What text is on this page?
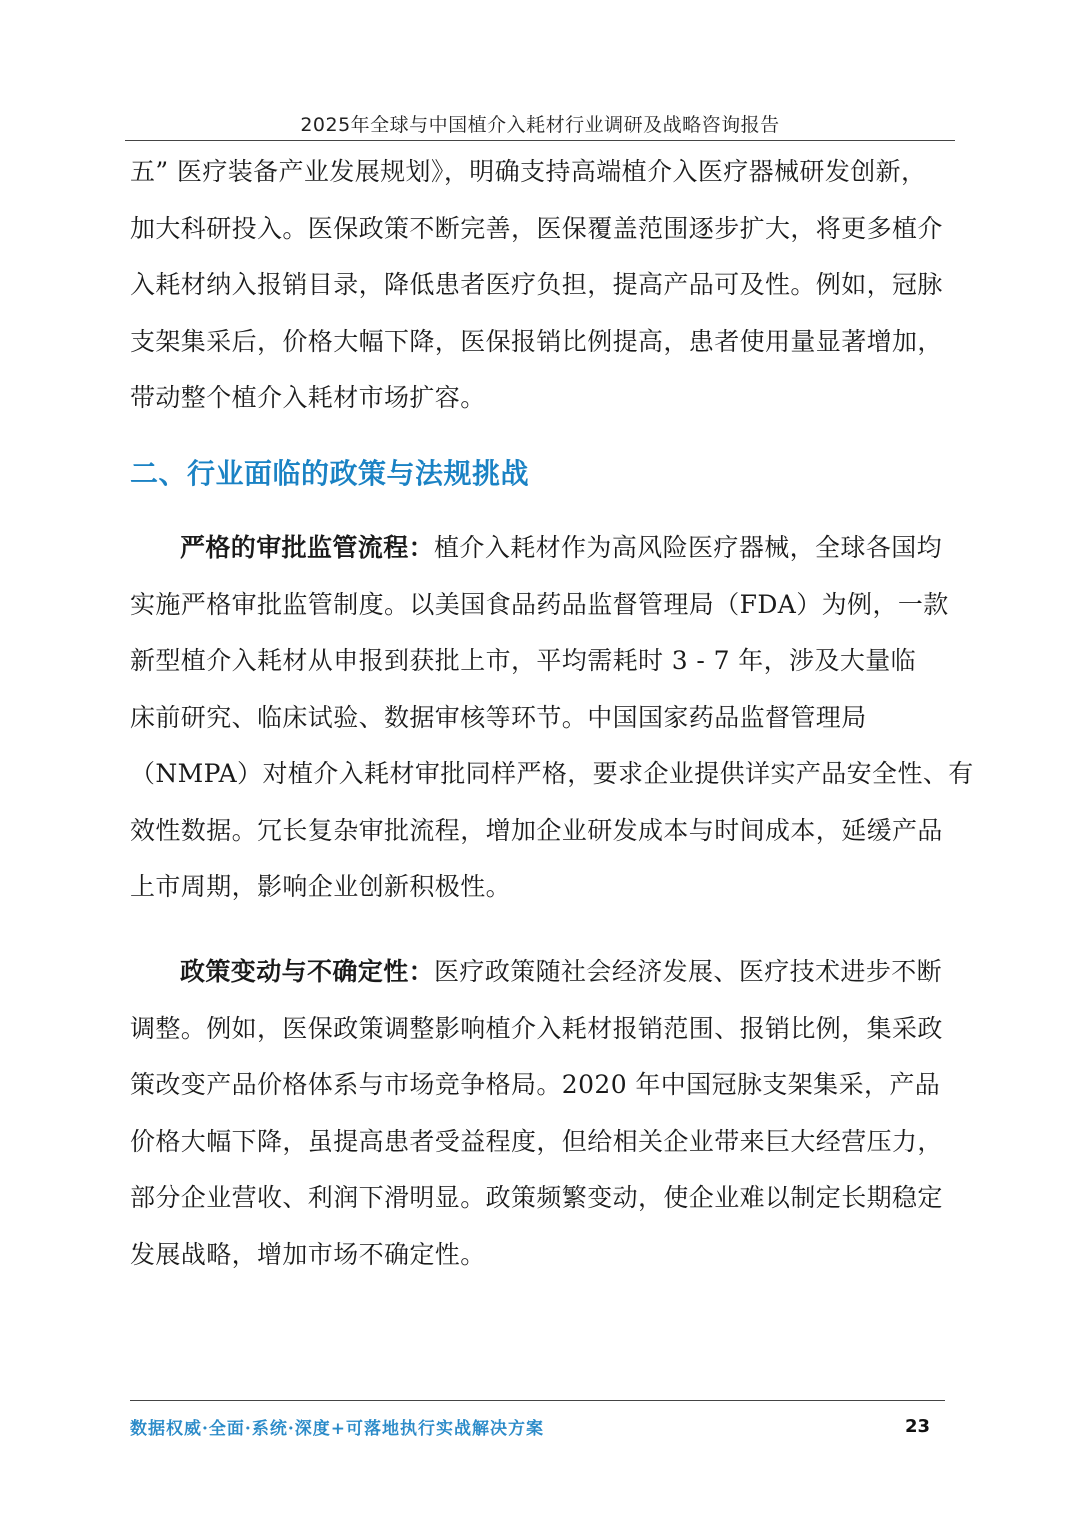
2025年全球与中国植介入耗材行业调研及战略咨询报告
五” 医疗装备产业发展规划》，明确支持高端植介入医疗器械研发创新，
加大科研投入。医保政策不断完善，医保覆盖范围逐步扩大，将更多植介
入耗材纳入报销目录，降低患者医疗负担，提高产品可及性。例如，冠脉
支架集采后，价格大幅下降，医保报销比例提高，患者使用量显著增加，
带动整个植介入耗材市场扩容。
二、行业面临的政策与法规挑战
严格的审批监管流程：植介入耗材作为高风险医疗器械，全球各国均
实施严格审批监管制度。以美国食品药品监督管理局（FDA）为例，一款
新型植介入耗材从申报到获批上市，平均需耗时 3 - 7 年，涉及大量临
床前研究、临床试验、数据审核等环节。中国国家药品监督管理局
（NMPA）对植介入耗材审批同样严格，要求企业提供详实产品安全性、有
效性数据。冗长复杂审批流程，增加企业研发成本与时间成本，延缓产品
上市周期，影响企业创新积极性。
政策变动与不确定性：医疗政策随社会经济发展、医疗技术进步不断
调整。例如，医保政策调整影响植介入耗材报销范围、报销比例，集采政
策改变产品价格体系与市场竞争格局。2020 年中国冠脉支架集采，产品
价格大幅下降，虽提高患者受益程度，但给相关企业带来巨大经营压力，
部分企业营收、利润下滑明显。政策频繁变动，使企业难以制定长期稳定
发展战略，增加市场不确定性。
数据权威·全面·系统·深度+可落地执行实战解决方案	23
